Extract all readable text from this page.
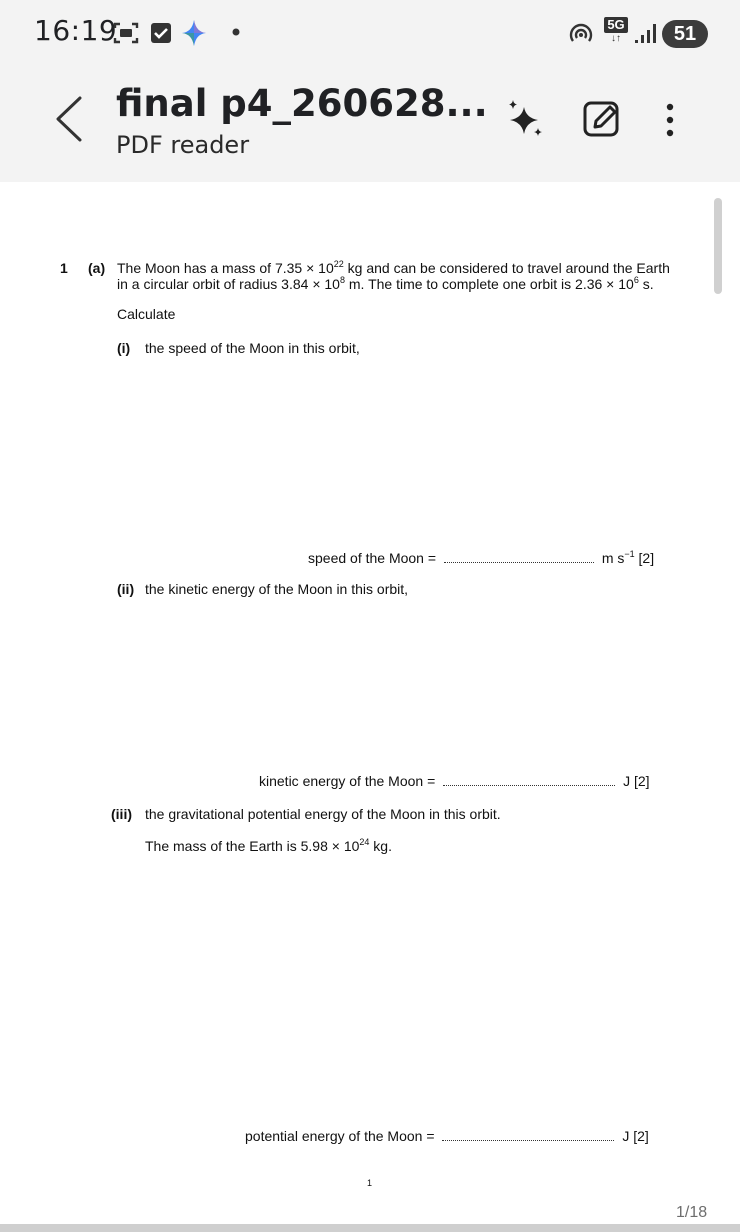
16:19	5G
↓↑	51
final p4_260628...
PDF reader
1 (a) The Moon has a mass of $7.35 \times 10^{22}$ kg and can be considered to travel around the Earth
in a circular orbit of radius $3.84 \times 10^8$ m. The time to complete one orbit is $2.36 \times 10^6$ s.
Calculate
(i) the speed of the Moon in this orbit,
speed of the Moon =	m $s^{-1}$ [2]
(ii) the kinetic energy of the Moon in this orbit,
kinetic energy of the Moon =	J [2]
(iii) the gravitational potential energy of the Moon in this orbit.
The mass of the Earth is $5.98 \times 10^{24}$ kg.
potential energy of the Moon =	J [2]
1
1/18
